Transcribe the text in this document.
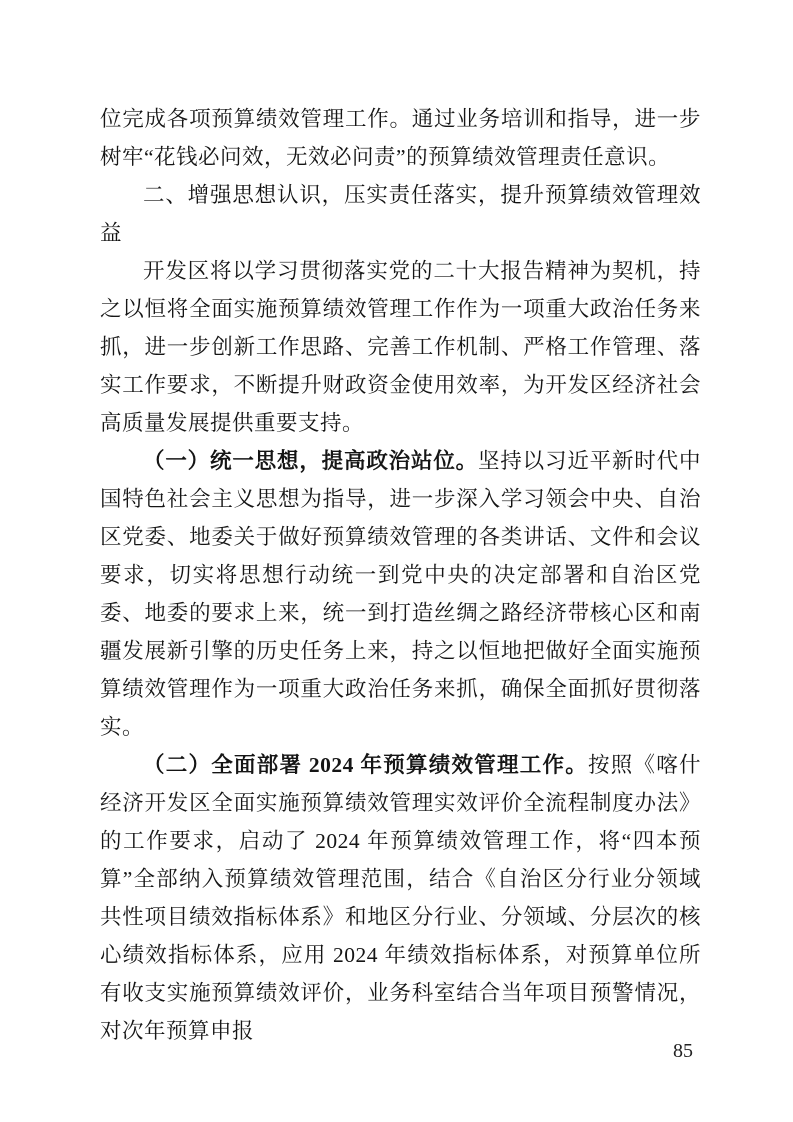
位完成各项预算绩效管理工作。通过业务培训和指导，进一步树牢“花钱必问效，无效必问责”的预算绩效管理责任意识。

二、增强思想认识，压实责任落实，提升预算绩效管理效益

开发区将以学习贯彻落实党的二十大报告精神为契机，持之以恒将全面实施预算绩效管理工作作为一项重大政治任务来抓，进一步创新工作思路、完善工作机制、严格工作管理、落实工作要求，不断提升财政资金使用效率，为开发区经济社会高质量发展提供重要支持。

（一）统一思想，提高政治站位。坚持以习近平新时代中国特色社会主义思想为指导，进一步深入学习领会中央、自治区党委、地委关于做好预算绩效管理的各类讲话、文件和会议要求，切实将思想行动统一到党中央的决定部署和自治区党委、地委的要求上来，统一到打造丝绸之路经济带核心区和南疆发展新引擎的历史任务上来，持之以恒地把做好全面实施预算绩效管理作为一项重大政治任务来抓，确保全面抓好贯彻落实。

（二）全面部署 2024 年预算绩效管理工作。按照《喀什经济开发区全面实施预算绩效管理实效评价全流程制度办法》的工作要求，启动了 2024 年预算绩效管理工作，将“四本预算”全部纳入预算绩效管理范围，结合《自治区分行业分领域共性项目绩效指标体系》和地区分行业、分领域、分层次的核心绩效指标体系，应用 2024 年绩效指标体系，对预算单位所有收支实施预算绩效评价，业务科室结合当年项目预警情况，对次年预算申报

85
